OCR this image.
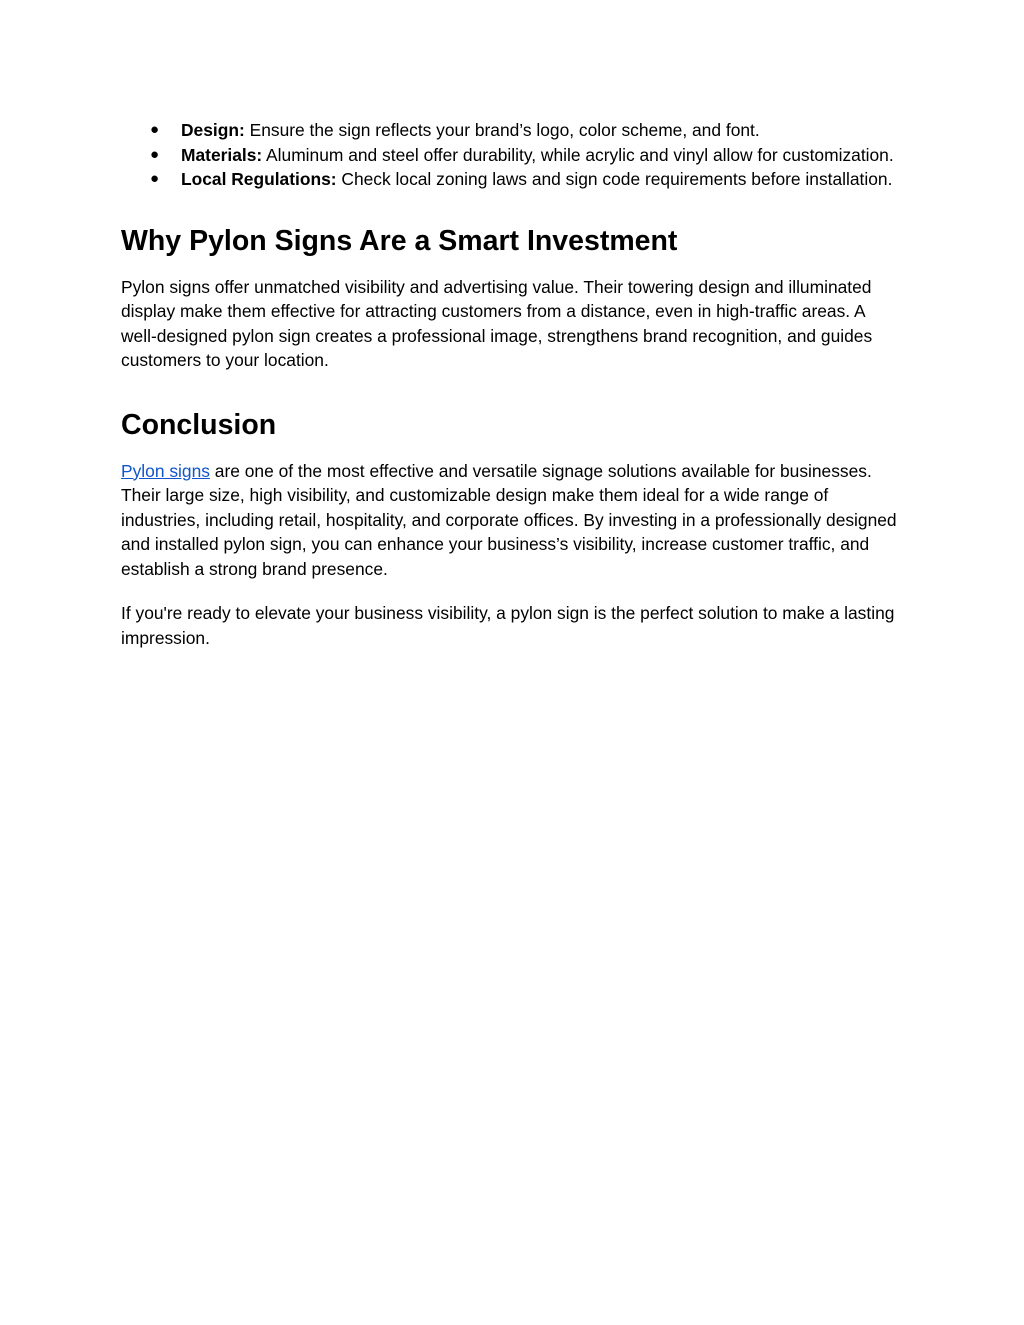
● Design: Ensure the sign reflects your brand’s logo, color scheme, and font.
● Materials: Aluminum and steel offer durability, while acrylic and vinyl allow for customization.
● Local Regulations: Check local zoning laws and sign code requirements before installation.
Why Pylon Signs Are a Smart Investment

Pylon signs offer unmatched visibility and advertising value. Their towering design and illuminated display make them effective for attracting customers from a distance, even in high-traffic areas. A well-designed pylon sign creates a professional image, strengthens brand recognition, and guides customers to your location.

Conclusion

Pylon signs are one of the most effective and versatile signage solutions available for businesses. Their large size, high visibility, and customizable design make them ideal for a wide range of industries, including retail, hospitality, and corporate offices. By investing in a professionally designed and installed pylon sign, you can enhance your business’s visibility, increase customer traffic, and establish a strong brand presence.

If you're ready to elevate your business visibility, a pylon sign is the perfect solution to make a lasting impression.
